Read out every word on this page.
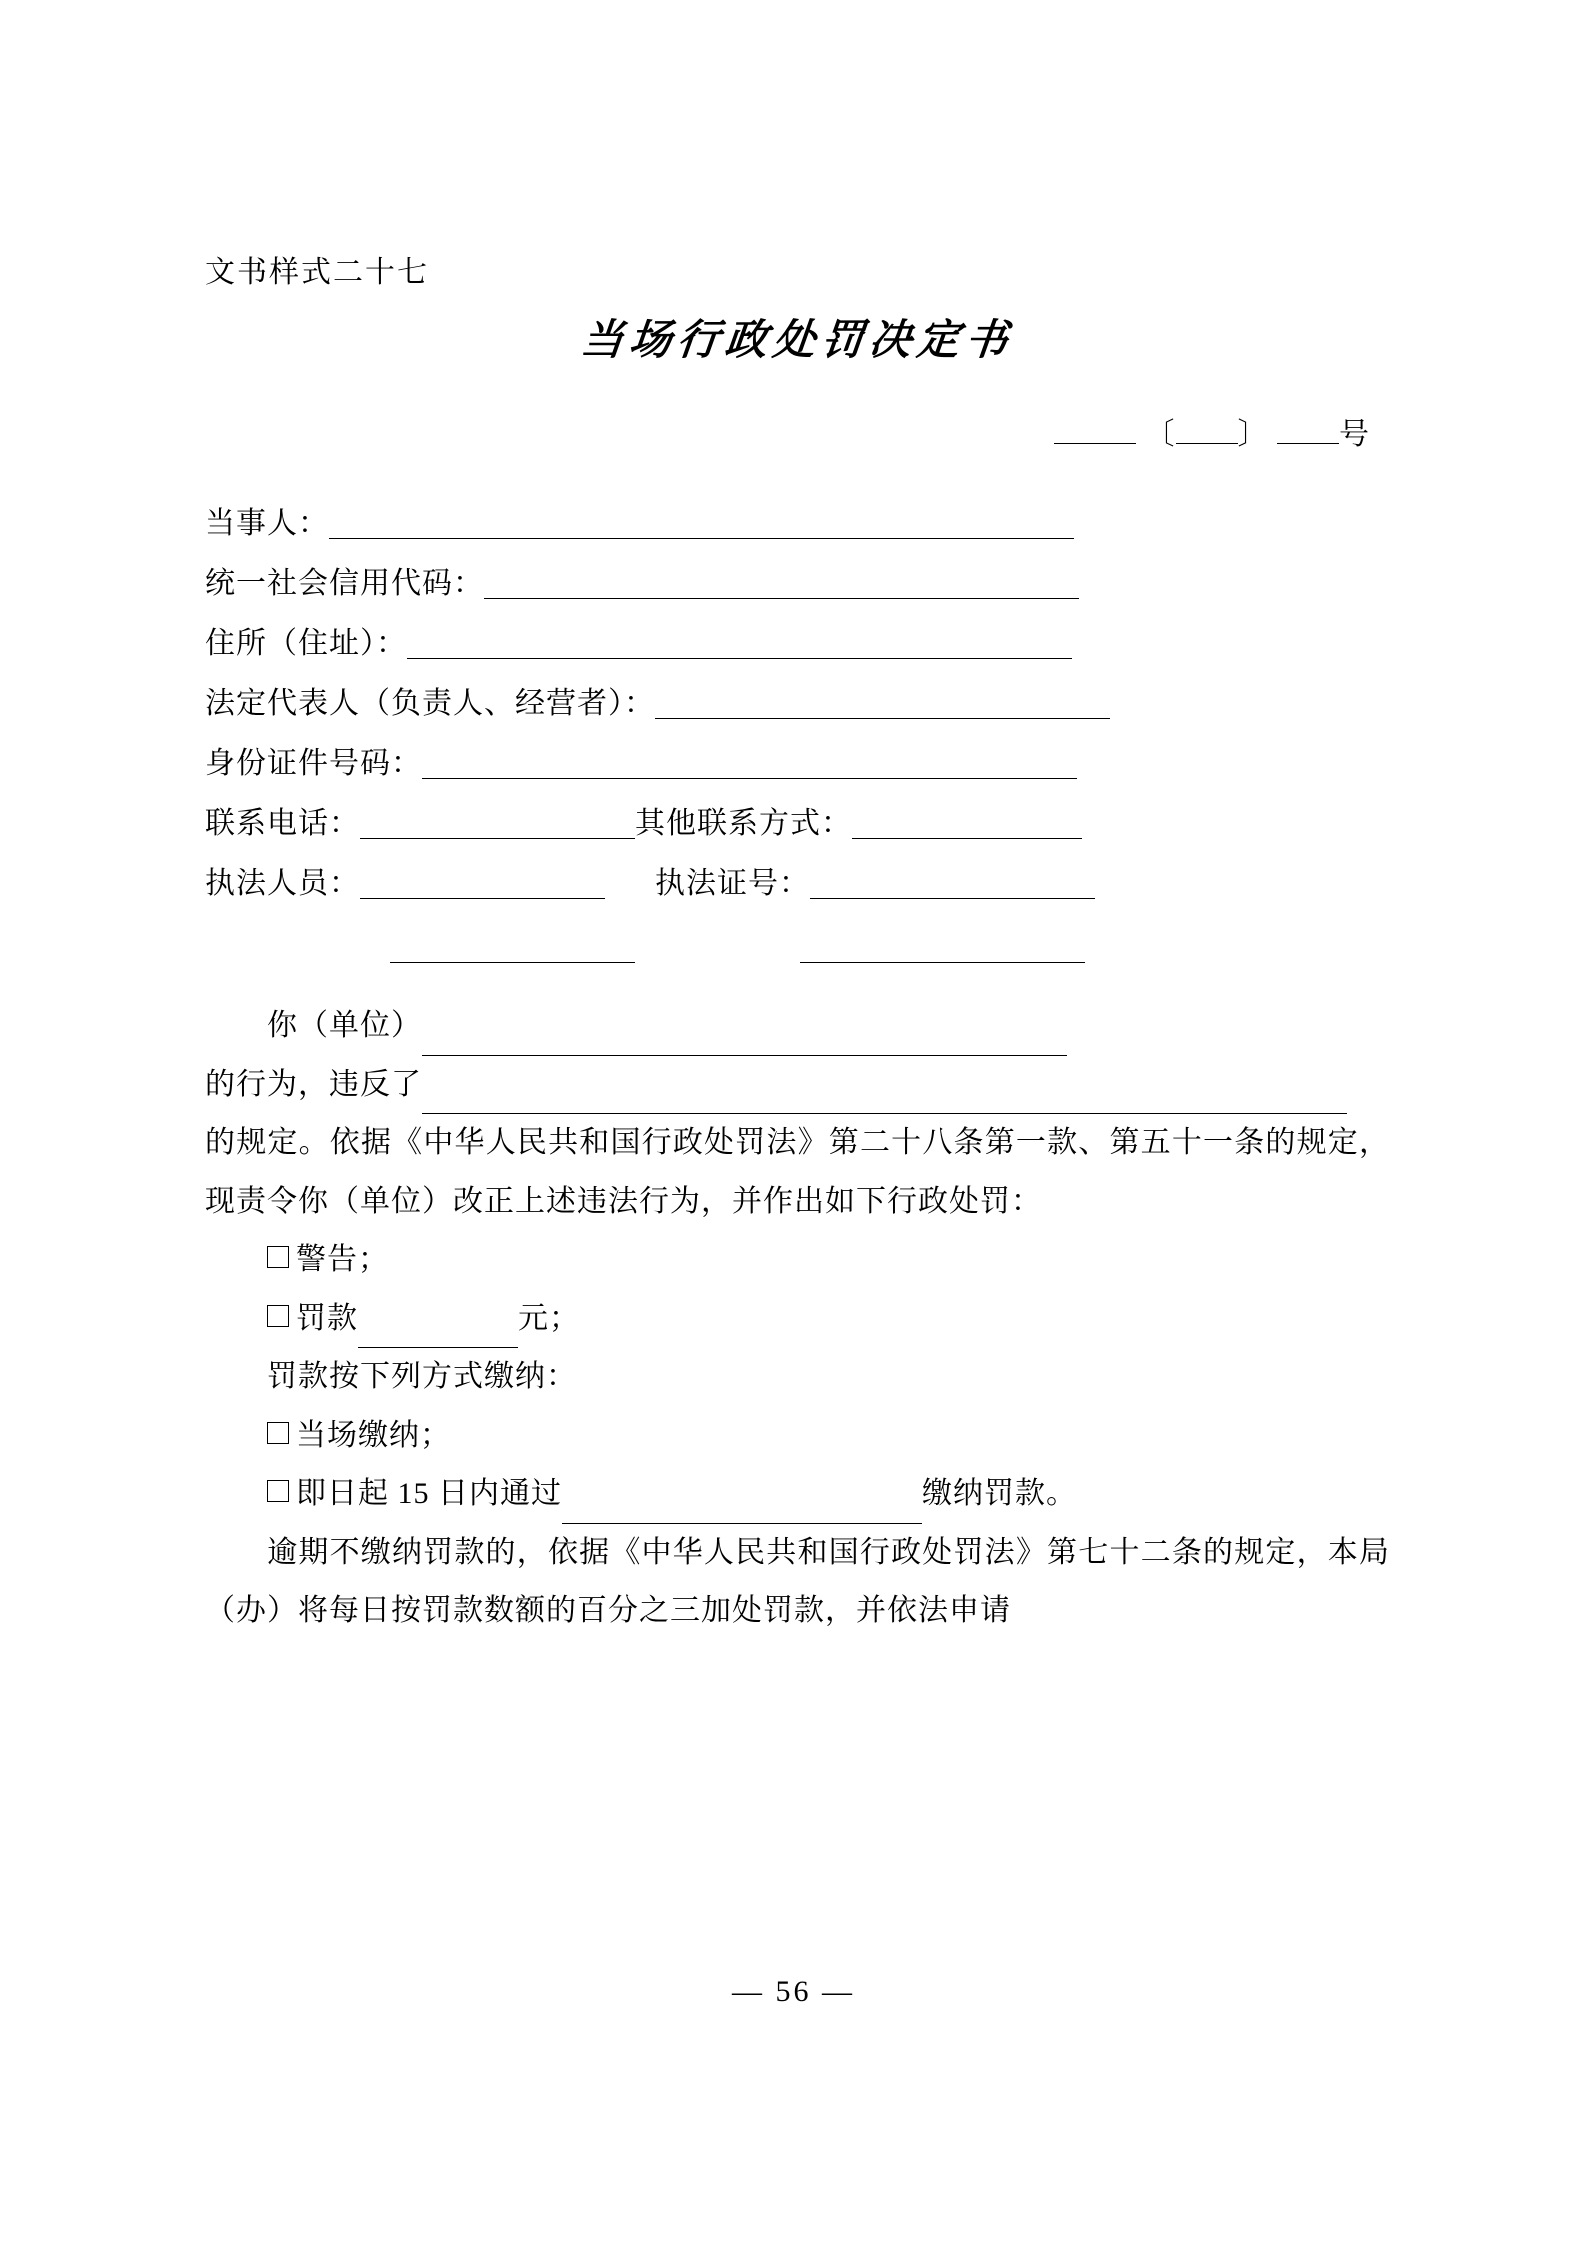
文书样式二十七
当场行政处罚决定书
〔 〕 号
当事人：
统一社会信用代码：
住所（住址）：
法定代表人（负责人、经营者）：
身份证件号码：
联系电话：	其他联系方式：
执法人员：	执法证号：

你（单位）

的行为，违反了

的规定。依据《中华人民共和国行政处罚法》第二十八条第一款、第五十一条的规定，现责令你（单位）改正上述违法行为，并作出如下行政处罚：

警告；

罚款	元；

罚款按下列方式缴纳：

当场缴纳；

即日起 15 日内通过	缴纳罚款。

逾期不缴纳罚款的，依据《中华人民共和国行政处罚法》第七十二条的规定，本局（办）将每日按罚款数额的百分之三加处罚款，并依法申请

— 56 —
